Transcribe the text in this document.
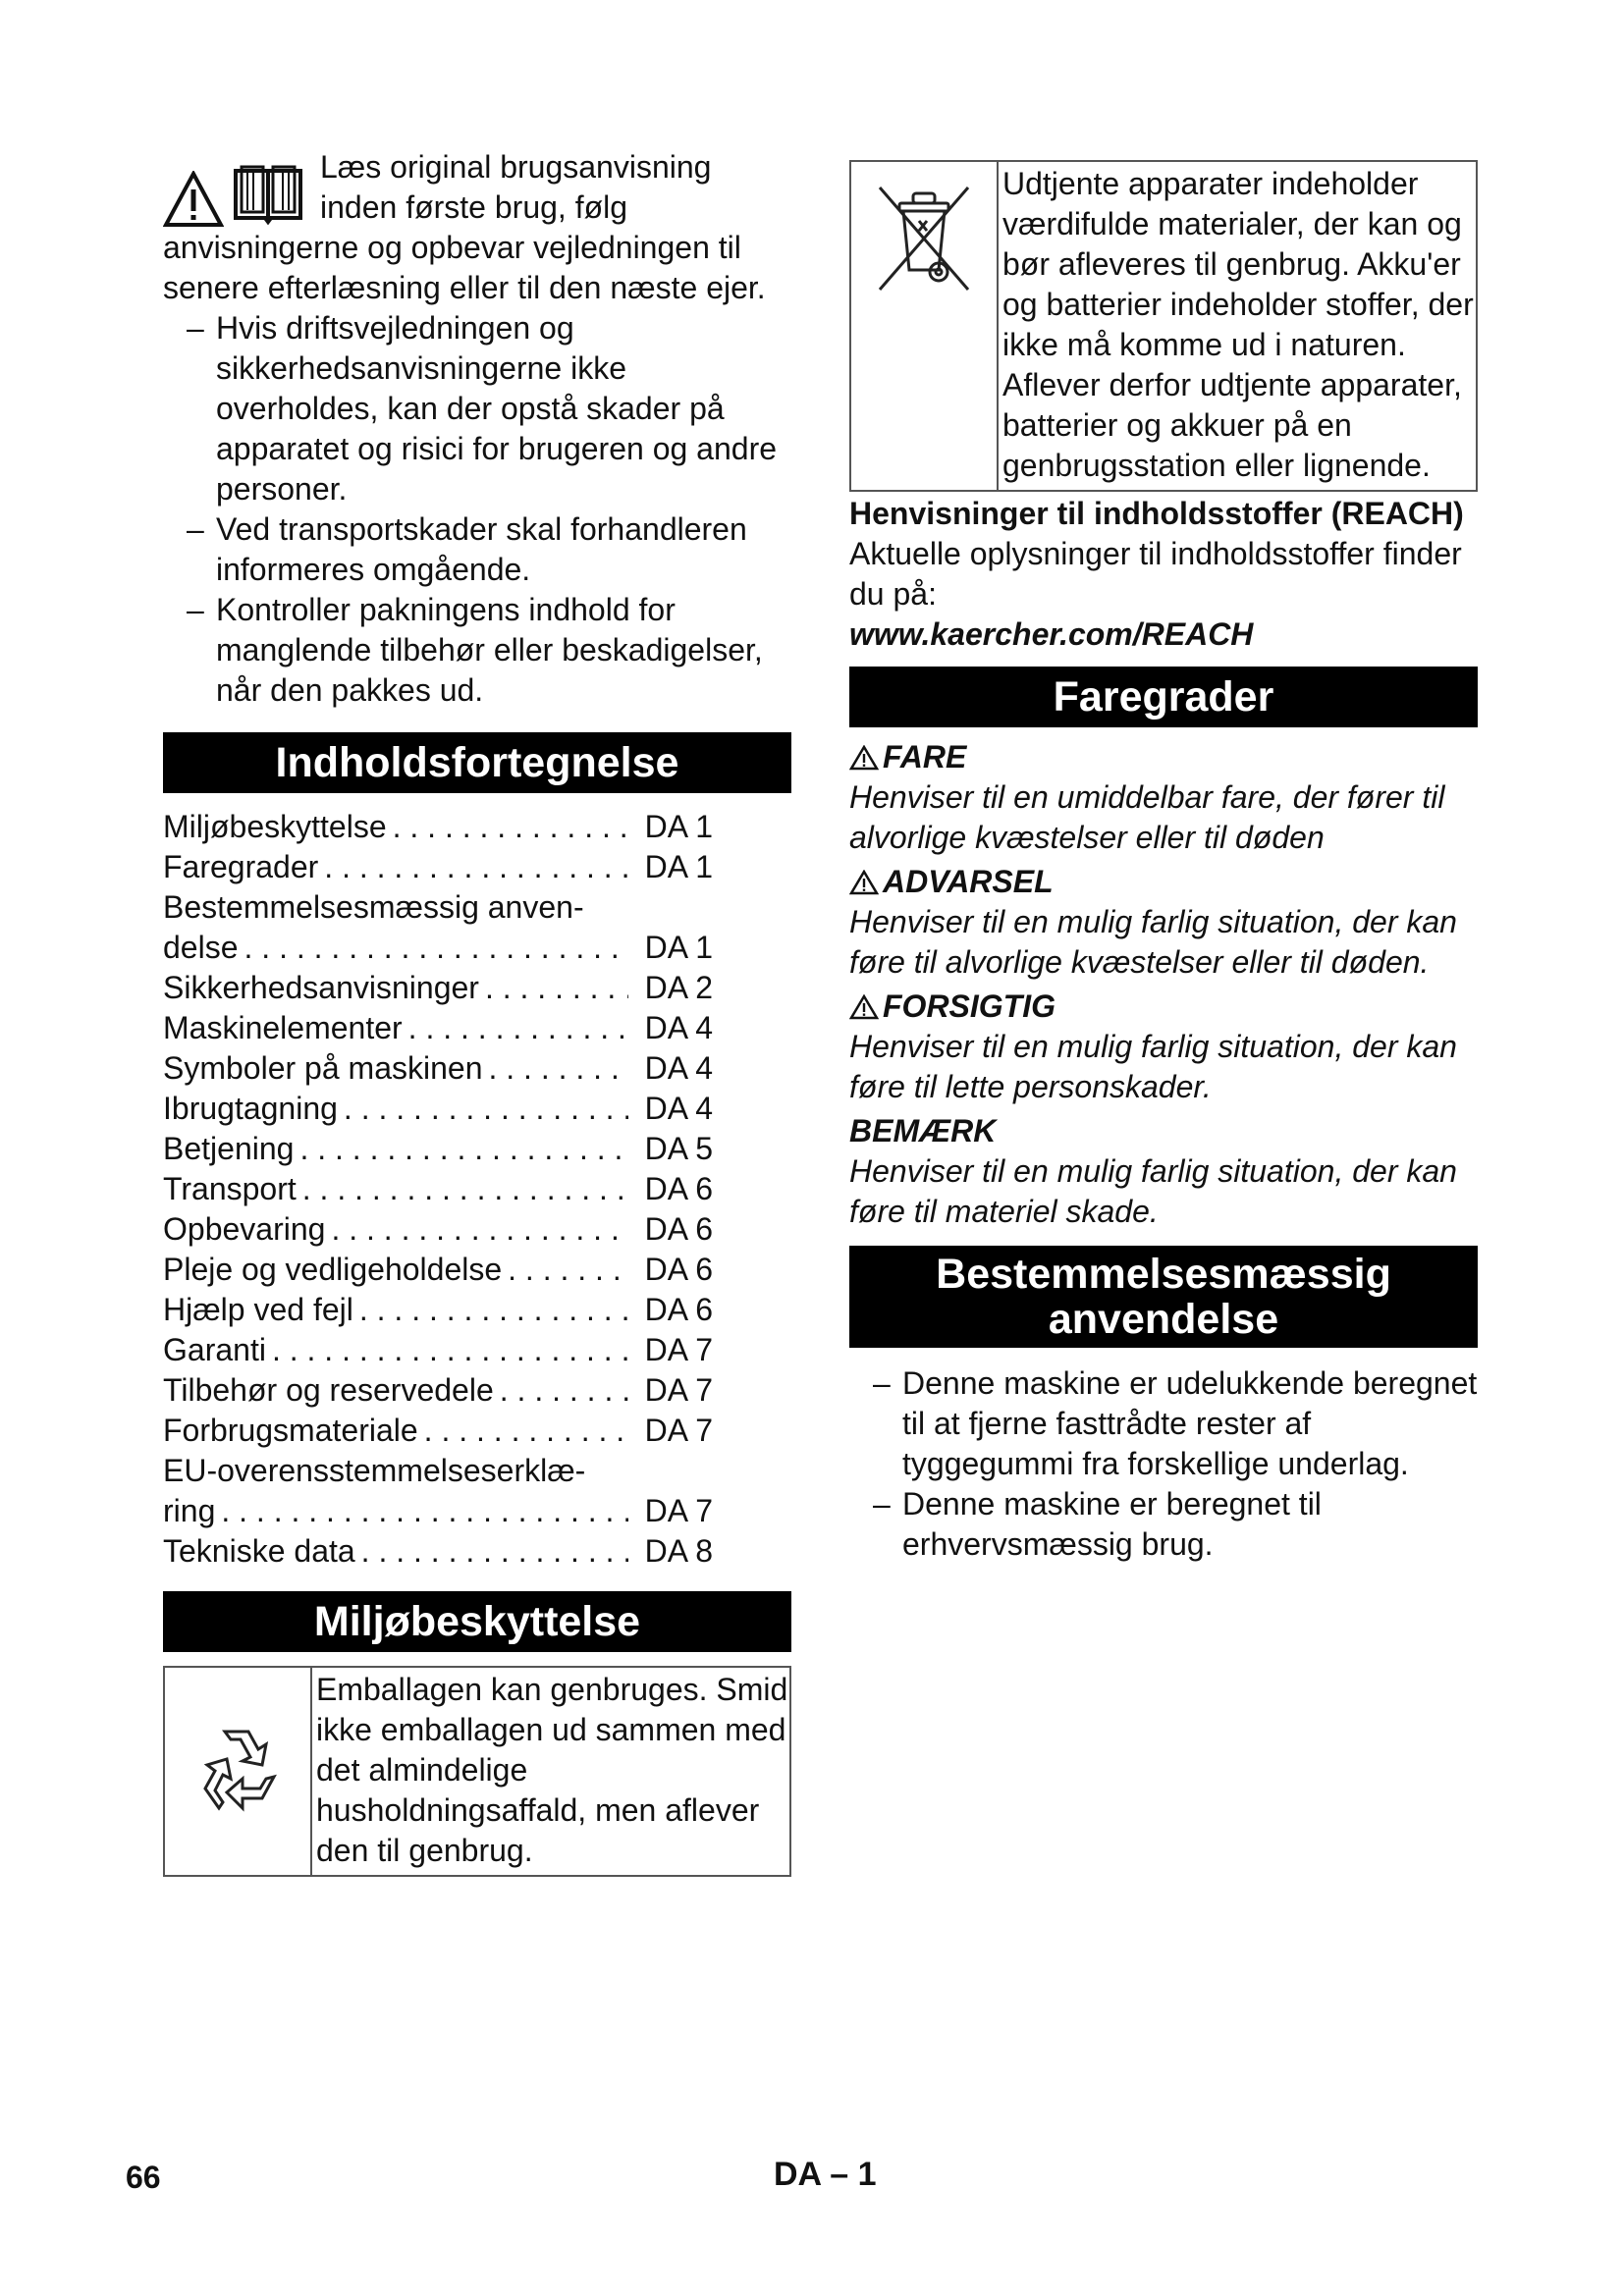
Læs original brugsanvisning inden første brug, følg anvisningerne og opbevar vejledningen til senere efterlæsning eller til den næste ejer.
– Hvis driftsvejledningen og sikkerhedsanvisningerne ikke overholdes, kan der opstå skader på apparatet og risici for brugeren og andre personer.
– Ved transportskader skal forhandleren informeres omgående.
– Kontroller pakningens indhold for manglende tilbehør eller beskadigelser, når den pakkes ud.
Indholdsfortegnelse
Miljøbeskyttelse . . .	DA 1
Faregrader . . .	DA 1
Bestemmelsesmæssig anven-
delse . . .	DA 1
Sikkerhedsanvisninger . . .	DA 2
Maskinelementer . . .	DA 4
Symboler på maskinen . . .	DA 4
Ibrugtagning . . .	DA 4
Betjening . . .	DA 5
Transport . . .	DA 6
Opbevaring . . .	DA 6
Pleje og vedligeholdelse . . .	DA 6
Hjælp ved fejl . . .	DA 6
Garanti . . .	DA 7
Tilbehør og reservedele . . .	DA 7
Forbrugsmateriale . . .	DA 7
EU-overensstemmelseserklæ-
ring . . .	DA 7
Tekniske data . . .	DA 8
Miljøbeskyttelse
Emballagen kan genbruges. Smid ikke emballagen ud sammen med det almindelige husholdningsaffald, men aflever den til genbrug.
Udtjente apparater indeholder værdifulde materialer, der kan og bør afleveres til genbrug. Akku'er og batterier indeholder stoffer, der ikke må komme ud i naturen. Aflever derfor udtjente apparater, batterier og akkuer på en genbrugsstation eller lignende.

Henvisninger til indholdsstoffer (REACH)

Aktuelle oplysninger til indholdsstoffer finder du på:

www.kaercher.com/REACH

Faregrader
FARE

Henviser til en umiddelbar fare, der fører til alvorlige kvæstelser eller til døden

ADVARSEL

Henviser til en mulig farlig situation, der kan føre til alvorlige kvæstelser eller til døden.

FORSIGTIG

Henviser til en mulig farlig situation, der kan føre til lette personskader.

BEMÆRK

Henviser til en mulig farlig situation, der kan føre til materiel skade.

Bestemmelsesmæssig
anvendelse
– Denne maskine er udelukkende beregnet til at fjerne fasttrådte rester af tyggegummi fra forskellige underlag.
– Denne maskine er beregnet til erhvervsmæssig brug.
66	DA – 1
